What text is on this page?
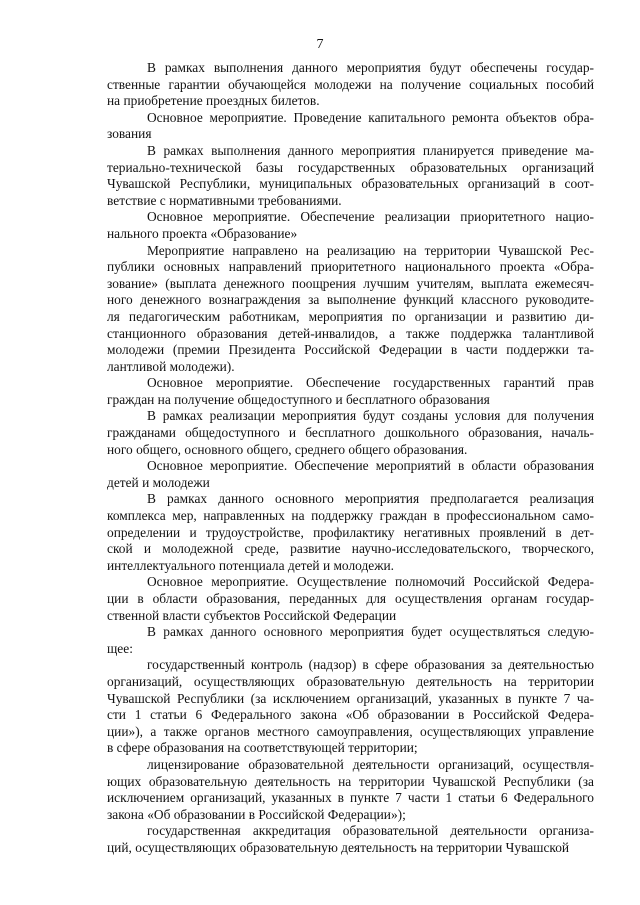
7
В рамках выполнения данного мероприятия будут обеспечены государ-
ственные гарантии обучающейся молодежи на получение социальных пособий
на приобретение проездных билетов.
Основное мероприятие. Проведение капитального ремонта объектов обра-
зования
В рамках выполнения данного мероприятия планируется приведение ма-
териально-технической базы государственных образовательных организаций
Чувашской Республики, муниципальных образовательных организаций в соот-
ветствие с нормативными требованиями.
Основное мероприятие. Обеспечение реализации приоритетного нацио-
нального проекта «Образование»
Мероприятие направлено на реализацию на территории Чувашской Рес-
публики основных направлений приоритетного национального проекта «Обра-
зование» (выплата денежного поощрения лучшим учителям, выплата ежемесяч-
ного денежного вознаграждения за выполнение функций классного руководите-
ля педагогическим работникам, мероприятия по организации и развитию ди-
станционного образования детей-инвалидов, а также поддержка талантливой
молодежи (премии Президента Российской Федерации в части поддержки та-
лантливой молодежи).
Основное мероприятие. Обеспечение государственных гарантий прав
граждан на получение общедоступного и бесплатного образования
В рамках реализации мероприятия будут созданы условия для получения
гражданами общедоступного и бесплатного дошкольного образования, началь-
ного общего, основного общего, среднего общего образования.
Основное мероприятие. Обеспечение мероприятий в области образования
детей и молодежи
В рамках данного основного мероприятия предполагается реализация
комплекса мер, направленных на поддержку граждан в профессиональном само-
определении и трудоустройстве, профилактику негативных проявлений в дет-
ской и молодежной среде, развитие научно-исследовательского, творческого,
интеллектуального потенциала детей и молодежи.
Основное мероприятие. Осуществление полномочий Российской Федера-
ции в области образования, переданных для осуществления органам государ-
ственной власти субъектов Российской Федерации
В рамках данного основного мероприятия будет осуществляться следую-
щее:
государственный контроль (надзор) в сфере образования за деятельностью
организаций, осуществляющих образовательную деятельность на территории
Чувашской Республики (за исключением организаций, указанных в пункте 7 ча-
сти 1 статьи 6 Федерального закона «Об образовании в Российской Федера-
ции»), а также органов местного самоуправления, осуществляющих управление
в сфере образования на соответствующей территории;
лицензирование образовательной деятельности организаций, осуществля-
ющих образовательную деятельность на территории Чувашской Республики (за
исключением организаций, указанных в пункте 7 части 1 статьи 6 Федерального
закона «Об образовании в Российской Федерации»);
государственная аккредитация образовательной деятельности организа-
ций, осуществляющих образовательную деятельность на территории Чувашской
